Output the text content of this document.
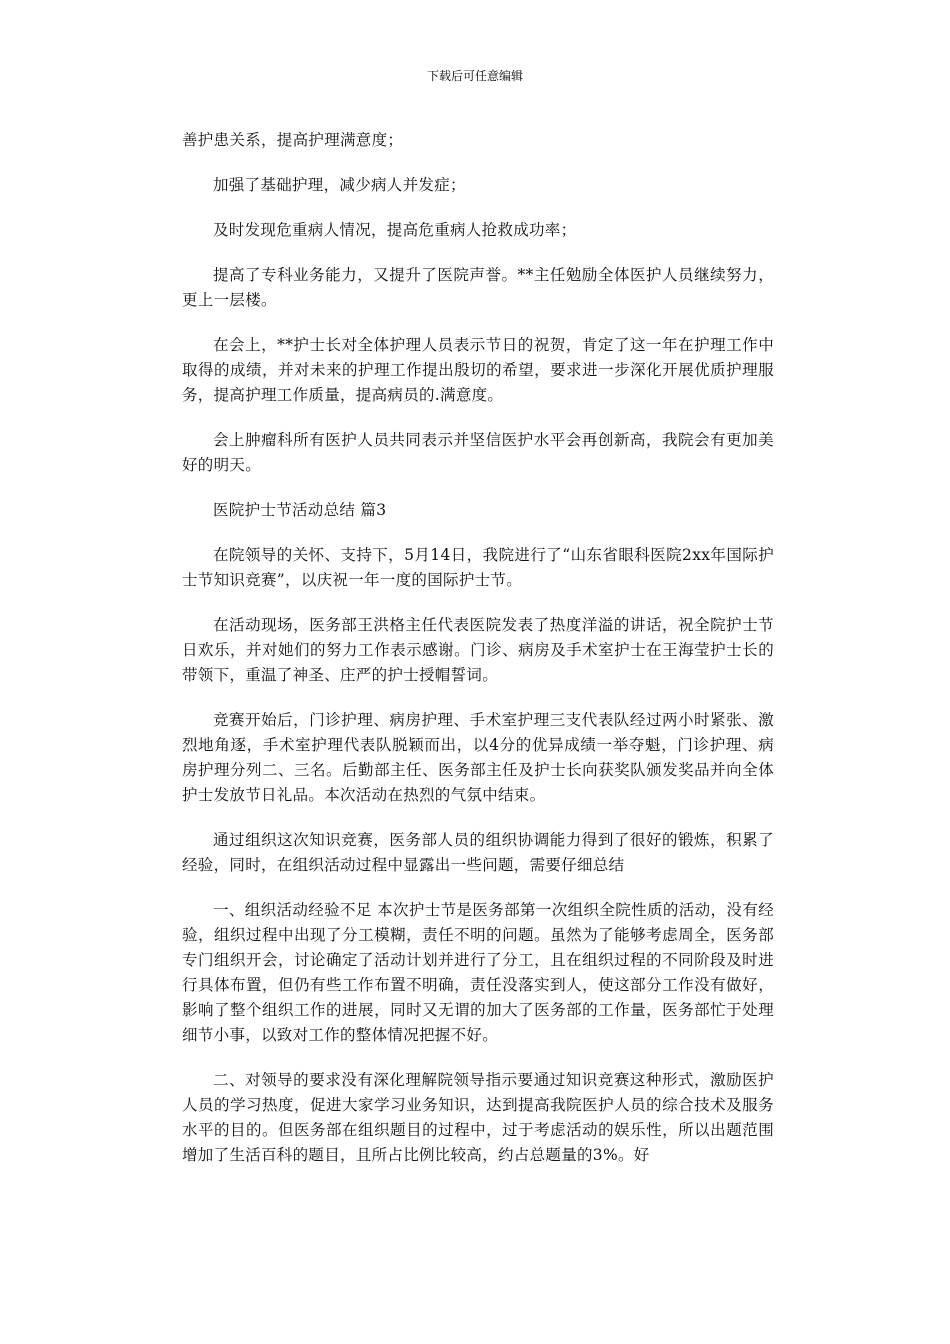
下载后可任意编辑

善护患关系，提高护理满意度；

加强了基础护理，减少病人并发症；

及时发现危重病人情况，提高危重病人抢救成功率；

提高了专科业务能力，又提升了医院声誉。**主任勉励全体医护人员继续努力，更上一层楼。

在会上，**护士长对全体护理人员表示节日的祝贺，肯定了这一年在护理工作中取得的成绩，并对未来的护理工作提出殷切的希望，要求进一步深化开展优质护理服务，提高护理工作质量，提高病员的.满意度。

会上肿瘤科所有医护人员共同表示并坚信医护水平会再创新高，我院会有更加美好的明天。

医院护士节活动总结 篇3

在院领导的关怀、支持下，5月14日，我院进行了“山东省眼科医院2xx年国际护士节知识竞赛”，以庆祝一年一度的国际护士节。

在活动现场，医务部王洪格主任代表医院发表了热度洋溢的讲话，祝全院护士节日欢乐，并对她们的努力工作表示感谢。门诊、病房及手术室护士在王海莹护士长的带领下，重温了神圣、庄严的护士授帽誓词。

竞赛开始后，门诊护理、病房护理、手术室护理三支代表队经过两小时紧张、激烈地角逐，手术室护理代表队脱颖而出，以4分的优异成绩一举夺魁，门诊护理、病房护理分列二、三名。后勤部主任、医务部主任及护士长向获奖队颁发奖品并向全体护士发放节日礼品。本次活动在热烈的气氛中结束。

通过组织这次知识竞赛，医务部人员的组织协调能力得到了很好的锻炼，积累了经验，同时，在组织活动过程中显露出一些问题，需要仔细总结

一、组织活动经验不足 本次护士节是医务部第一次组织全院性质的活动，没有经验，组织过程中出现了分工模糊，责任不明的问题。虽然为了能够考虑周全，医务部专门组织开会，讨论确定了活动计划并进行了分工，且在组织过程的不同阶段及时进行具体布置，但仍有些工作布置不明确，责任没落实到人，使这部分工作没有做好，影响了整个组织工作的进展，同时又无谓的加大了医务部的工作量，医务部忙于处理细节小事，以致对工作的整体情况把握不好。

二、对领导的要求没有深化理解院领导指示要通过知识竞赛这种形式，激励医护人员的学习热度，促进大家学习业务知识，达到提高我院医护人员的综合技术及服务水平的目的。但医务部在组织题目的过程中，过于考虑活动的娱乐性，所以出题范围增加了生活百科的题目，且所占比例比较高，约占总题量的3%。好
